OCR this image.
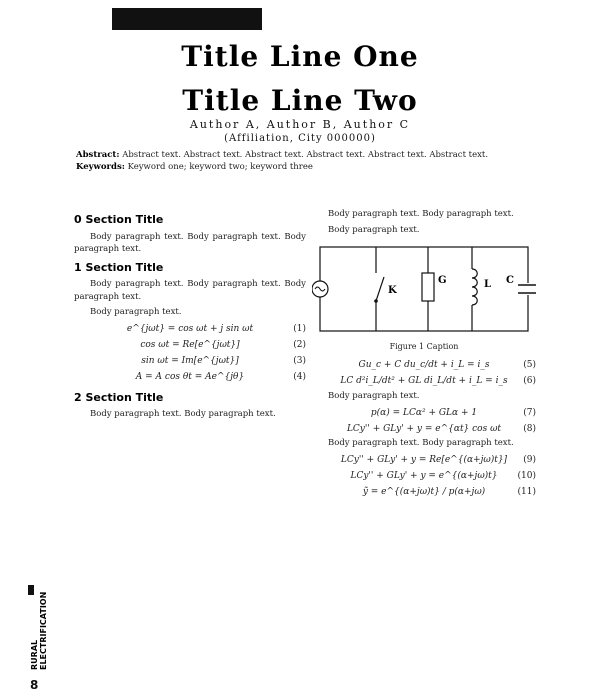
Title Line One
Title Line Two
Author A, Author B, Author C
(Affiliation, City 000000)
Abstract: Abstract text. Abstract text. Abstract text. Abstract text. Abstract text. Abstract text.
Keywords: Keyword one; keyword two; keyword three
0 Section Title

Body paragraph text. Body paragraph text. Body paragraph text.

1 Section Title

Body paragraph text. Body paragraph text. Body paragraph text.

Body paragraph text.

e^{jωt} = cos ωt + j sin ωt	(1)
cos ωt = Re[e^{jωt}]	(2)
sin ωt = Im[e^{jωt}]	(3)
A = A cos θt = Ae^{jθ}	(4)
2 Section Title

Body paragraph text. Body paragraph text.

Body paragraph text. Body paragraph text.

Body paragraph text.

K
G	L C
Figure 1 Caption
Gu_c + C du_c/dt + i_L = i_s	(5)
LC d²i_L/dt² + GL di_L/dt + i_L = i_s (6)

Body paragraph text.

p(α) = LCα² + GLα + 1	(7)
LCy'' + GLy' + y = e^{αt} cos ωt (8)

Body paragraph text. Body paragraph text.

LCy'' + GLy' + y = Re[e^{(α+jω)t}] (9)
LCy'' + GLy' + y = e^{(α+jω)t} (10)
ỹ = e^{(α+jω)t} / p(α+jω)	(11)
RURAL ELECTRIFICATION
8
